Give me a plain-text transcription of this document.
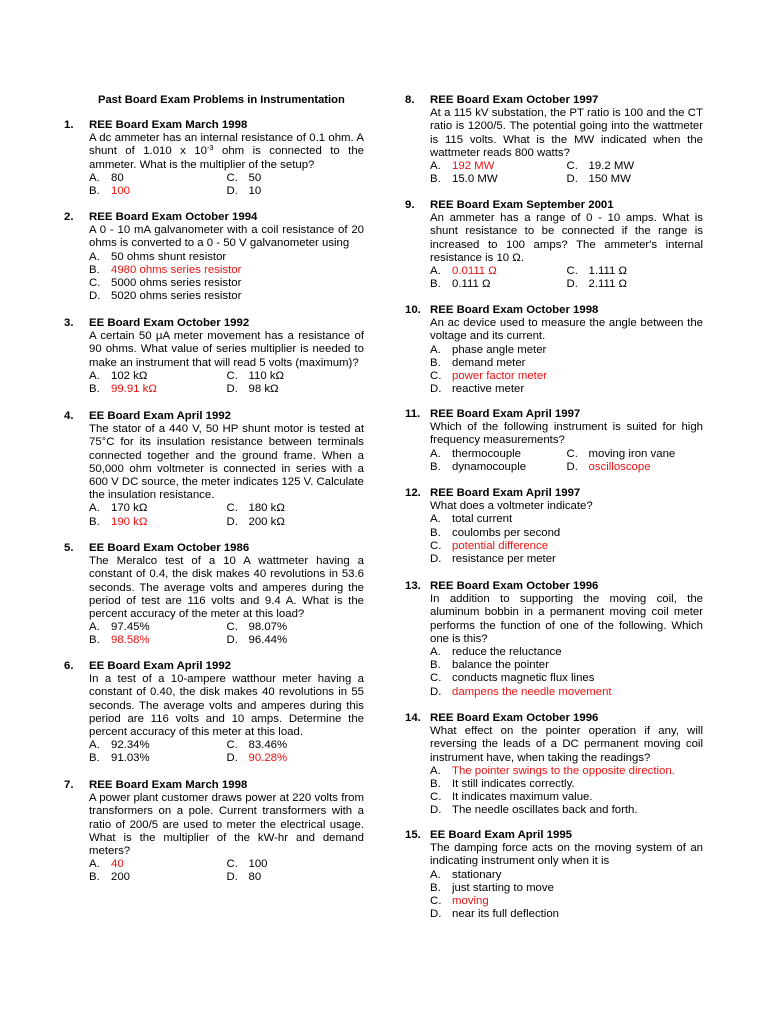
Past Board Exam Problems in Instrumentation
1.	REE Board Exam March 1998
A dc ammeter has an internal resistance of 0.1 ohm. A shunt of 1.010 x $10^{-3}$ ohm is connected to the ammeter. What is the multiplier of the setup?
A. 80	C. 50
B. 100	D. 10
2.	REE Board Exam October 1994
A 0 - 10 mA galvanometer with a coil resistance of 20 ohms is converted to a 0 - 50 V galvanometer using
A. 50 ohms shunt resistor
B. 4980 ohms series resistor
C. 5000 ohms series resistor
D. 5020 ohms series resistor
3.	EE Board Exam October 1992
A certain 50 μA meter movement has a resistance of 90 ohms. What value of series multiplier is needed to make an instrument that will read 5 volts (maximum)?
A. 102 kΩ	C. 110 kΩ
B. 99.91 kΩ	D. 98 kΩ
4.	EE Board Exam April 1992
The stator of a 440 V, 50 HP shunt motor is tested at 75°C for its insulation resistance between terminals connected together and the ground frame. When a 50,000 ohm voltmeter is connected in series with a 600 V DC source, the meter indicates 125 V. Calculate the insulation resistance.
A. 170 kΩ	C. 180 kΩ
B. 190 kΩ	D. 200 kΩ
5.	EE Board Exam October 1986
The Meralco test of a 10 A wattmeter having a constant of 0.4, the disk makes 40 revolutions in 53.6 seconds. The average volts and amperes during the period of test are 116 volts and 9.4 A. What is the percent accuracy of the meter at this load?
A. 97.45%	C. 98.07%
B. 98.58%	D. 96.44%
6.	EE Board Exam April 1992
In a test of a 10-ampere watthour meter having a constant of 0.40, the disk makes 40 revolutions in 55 seconds. The average volts and amperes during this period are 116 volts and 10 amps. Determine the percent accuracy of this meter at this load.
A. 92.34%	C. 83.46%
B. 91.03%	D. 90.28%
7.	REE Board Exam March 1998
A power plant customer draws power at 220 volts from transformers on a pole. Current transformers with a ratio of 200/5 are used to meter the electrical usage. What is the multiplier of the kW-hr and demand meters?
A. 40	C. 100
B. 200	D. 80
8.	REE Board Exam October 1997
At a 115 kV substation, the PT ratio is 100 and the CT ratio is 1200/5. The potential going into the wattmeter is 115 volts. What is the MW indicated when the wattmeter reads 800 watts?
A. 192 MW	C. 19.2 MW
B. 15.0 MW	D. 150 MW
9.	REE Board Exam September 2001
An ammeter has a range of 0 - 10 amps. What is shunt resistance to be connected if the range is increased to 100 amps? The ammeter's internal resistance is 10 Ω.
A. 0.0111 Ω	C. 1.111 Ω
B. 0.111 Ω	D. 2.111 Ω
10. REE Board Exam October 1998
An ac device used to measure the angle between the voltage and its current.
A. phase angle meter
B. demand meter
C. power factor meter
D. reactive meter
11. REE Board Exam April 1997
Which of the following instrument is suited for high frequency measurements?
A. thermocouple	C. moving iron vane
B. dynamocouple	D. oscilloscope
12. REE Board Exam April 1997
What does a voltmeter indicate?
A. total current
B. coulombs per second
C. potential difference
D. resistance per meter
13. REE Board Exam October 1996
In addition to supporting the moving coil, the aluminum bobbin in a permanent moving coil meter performs the function of one of the following. Which one is this?
A. reduce the reluctance
B. balance the pointer
C. conducts magnetic flux lines
D. dampens the needle movement
14. REE Board Exam October 1996
What effect on the pointer operation if any, will reversing the leads of a DC permanent moving coil instrument have, when taking the readings?
A. The pointer swings to the opposite direction.
B. It still indicates correctly.
C. It indicates maximum value.
D. The needle oscillates back and forth.
15. EE Board Exam April 1995
The damping force acts on the moving system of an indicating instrument only when it is
A. stationary
B. just starting to move
C. moving
D. near its full deflection
